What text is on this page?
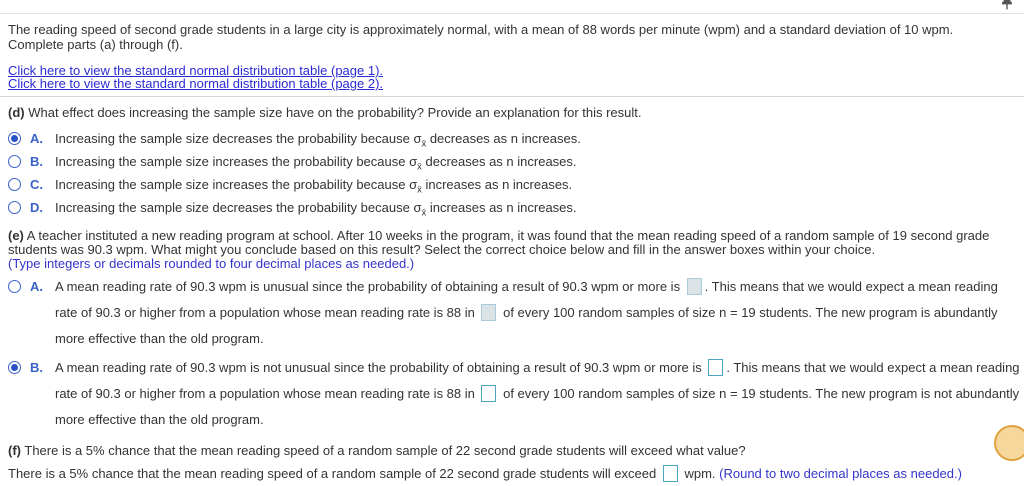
The reading speed of second grade students in a large city is approximately normal, with a mean of 88 words per minute (wpm) and a standard deviation of 10 wpm. Complete parts (a) through (f).
Click here to view the standard normal distribution table (page 1).
Click here to view the standard normal distribution table (page 2).
(d) What effect does increasing the sample size have on the probability? Provide an explanation for this result.
A. Increasing the sample size decreases the probability because $\sigma_{x̄}$ decreases as n increases.
B. Increasing the sample size increases the probability because $\sigma_{x̄}$ decreases as n increases.
C. Increasing the sample size increases the probability because $\sigma_{x̄}$ increases as n increases.
D. Increasing the sample size decreases the probability because $\sigma_{x̄}$ increases as n increases.
(e) A teacher instituted a new reading program at school. After 10 weeks in the program, it was found that the mean reading speed of a random sample of 19 second grade students was 90.3 wpm. What might you conclude based on this result? Select the correct choice below and fill in the answer boxes within your choice.
(Type integers or decimals rounded to four decimal places as needed.)
A. A mean reading rate of 90.3 wpm is unusual since the probability of obtaining a result of 90.3 wpm or more is . This means that we would expect a mean reading rate of 90.3 or higher from a population whose mean reading rate is 88 in  of every 100 random samples of size n = 19 students. The new program is abundantly more effective than the old program.
B. A mean reading rate of 90.3 wpm is not unusual since the probability of obtaining a result of 90.3 wpm or more is . This means that we would expect a mean reading rate of 90.3 or higher from a population whose mean reading rate is 88 in  of every 100 random samples of size n = 19 students. The new program is not abundantly more effective than the old program.
(f) There is a 5% chance that the mean reading speed of a random sample of 22 second grade students will exceed what value?
There is a 5% chance that the mean reading speed of a random sample of 22 second grade students will exceed  wpm. (Round to two decimal places as needed.)
